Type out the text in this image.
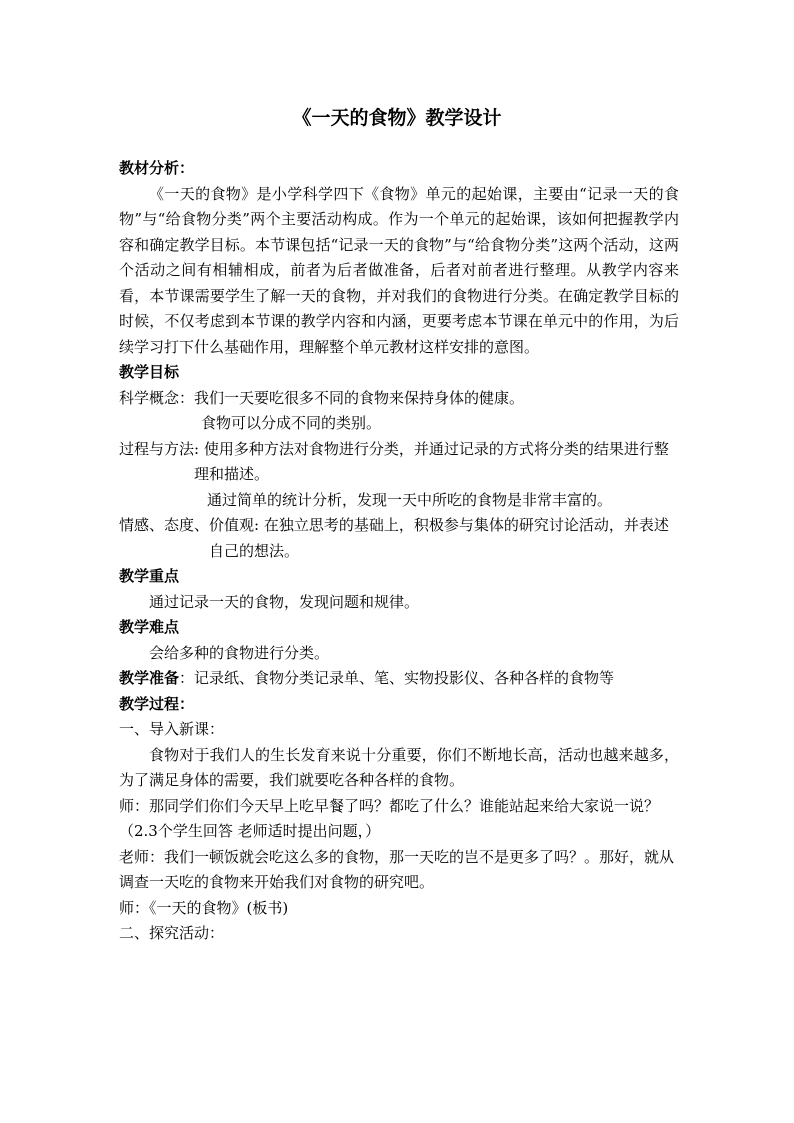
《一天的食物》教学设计

教材分析：

《一天的食物》是小学科学四下《食物》单元的起始课，主要由“记录一天的食物”与“给食物分类”两个主要活动构成。作为一个单元的起始课，该如何把握教学内容和确定教学目标。本节课包括“记录一天的食物”与“给食物分类”这两个活动，这两个活动之间有相辅相成，前者为后者做准备，后者对前者进行整理。从教学内容来看，本节课需要学生了解一天的食物，并对我们的食物进行分类。在确定教学目标的时候，不仅考虑到本节课的教学内容和内涵，更要考虑本节课在单元中的作用，为后续学习打下什么基础作用，理解整个单元教材这样安排的意图。

教学目标

科学概念：我们一天要吃很多不同的食物来保持身体的健康。

食物可以分成不同的类别。

过程与方法: 使用多种方法对食物进行分类，并通过记录的方式将分类的结果进行整理和描述。

通过简单的统计分析，发现一天中所吃的食物是非常丰富的。

情感、态度、价值观: 在独立思考的基础上，积极参与集体的研究讨论活动，并表述自己的想法。

教学重点

通过记录一天的食物，发现问题和规律。

教学难点

会给多种的食物进行分类。

教学准备：记录纸、食物分类记录单、笔、实物投影仪、各种各样的食物等

教学过程：

一、导入新课：

食物对于我们人的生长发育来说十分重要，你们不断地长高，活动也越来越多，为了满足身体的需要，我们就要吃各种各样的食物。

师：那同学们你们今天早上吃早餐了吗？都吃了什么？谁能站起来给大家说一说？

（2.3个学生回答 老师适时提出问题，）

老师：我们一顿饭就会吃这么多的食物，那一天吃的岂不是更多了吗？。那好，就从调查一天吃的食物来开始我们对食物的研究吧。

师：《一天的食物》(板书)

二、探究活动：
